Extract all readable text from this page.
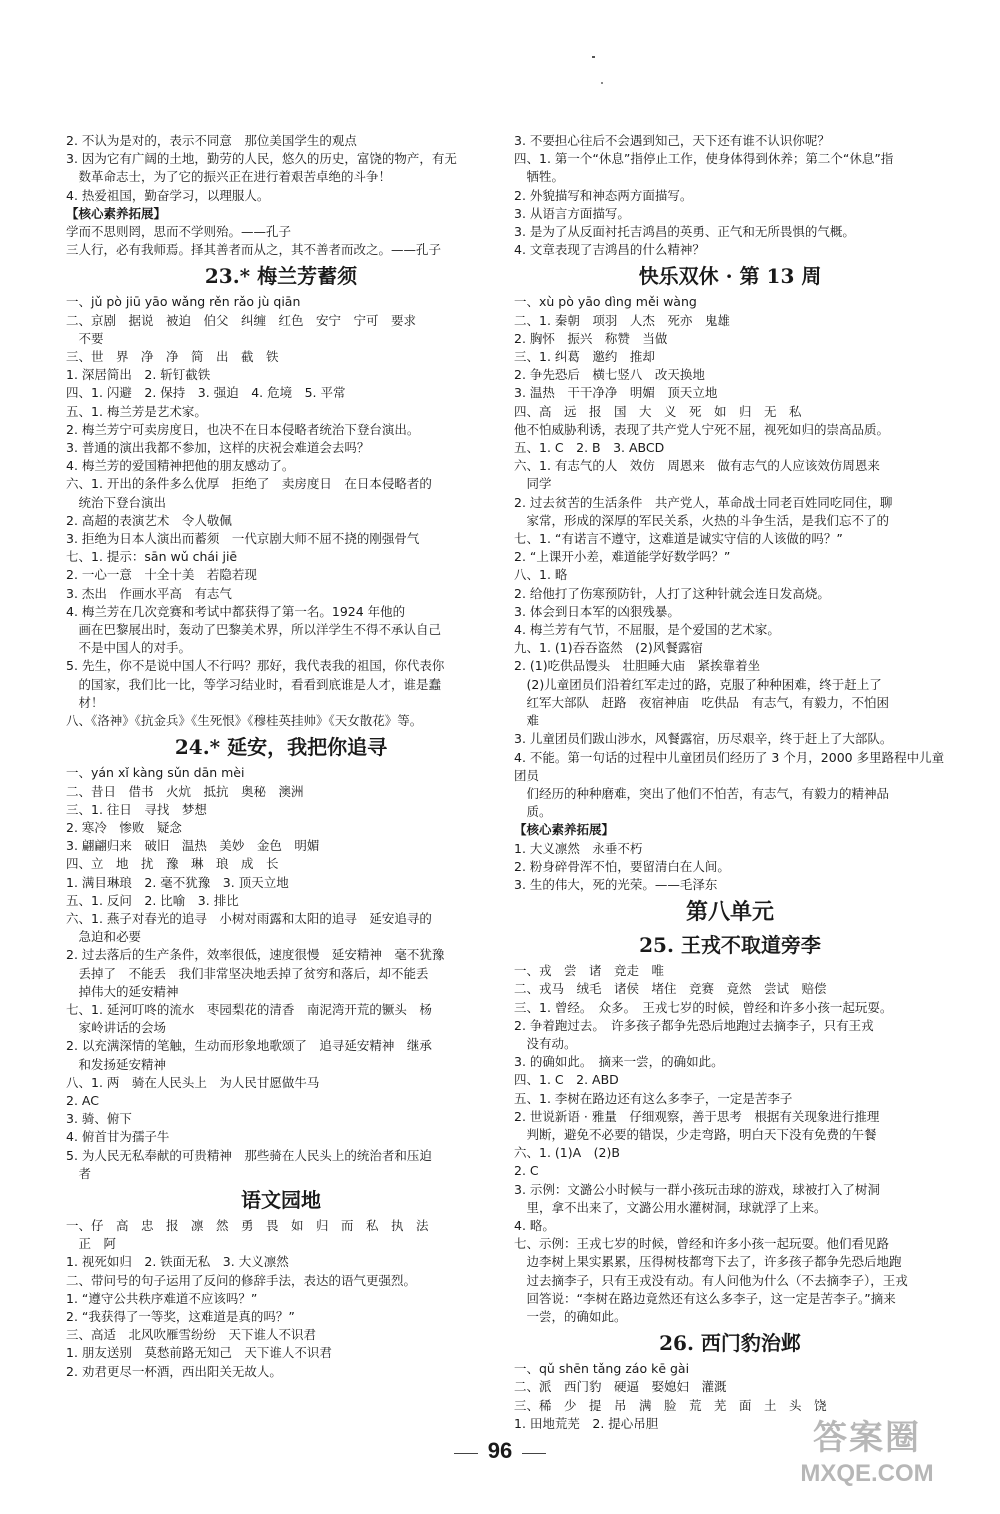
2. 不认为是对的，表示不同意　那位美国学生的观点
3. 因为它有广阔的土地，勤劳的人民，悠久的历史，富饶的物产，有无
　数革命志士，为了它的振兴正在进行着艰苦卓绝的斗争！
4. 热爱祖国，勤奋学习，以理服人。
【核心素养拓展】
学而不思则罔，思而不学则殆。——孔子
三人行，必有我师焉。择其善者而从之，其不善者而改之。——孔子
23.* 梅兰芳蓄须
一、jǔ pò jiū yāo wǎng rěn rǎo jù qiān
二、京剧　据说　被迫　伯父　纠缠　红色　安宁　宁可　要求
　不要
三、世　界　净　净　简　出　截　铁
1. 深居简出　2. 斩钉截铁
四、1. 闪避　2. 保持　3. 强迫　4. 危境　5. 平常
五、1. 梅兰芳是艺术家。
2. 梅兰芳宁可卖房度日，也决不在日本侵略者统治下登台演出。
3. 普通的演出我都不参加，这样的庆祝会难道会去吗？
4. 梅兰芳的爱国精神把他的朋友感动了。
六、1. 开出的条件多么优厚　拒绝了　卖房度日　在日本侵略者的
　统治下登台演出
2. 高超的表演艺术　令人敬佩
3. 拒绝为日本人演出而蓄须　一代京剧大师不屈不挠的刚强骨气
七、1. 提示：sān wǔ chái jiē
2. 一心一意　十全十美　若隐若现
3. 杰出　作画水平高　有志气
4. 梅兰芳在几次竞赛和考试中都获得了第一名。1924 年他的
　画在巴黎展出时，轰动了巴黎美术界，所以洋学生不得不承认自己
　不是中国人的对手。
5. 先生，你不是说中国人不行吗？那好，我代表我的祖国，你代表你
　的国家，我们比一比，等学习结业时，看看到底谁是人才，谁是蠢
　材！
八、《洛神》《抗金兵》《生死恨》《穆桂英挂帅》《天女散花》等。
24.* 延安，我把你追寻
一、yán xǐ kàng sǔn dān mèi
二、昔日　借书　火炕　抵抗　奥秘　澳洲
三、1. 往日　寻找　梦想
2. 寒冷　惨败　疑念
3. 翩翩归来　破旧　温热　美妙　金色　明媚
四、立　地　扰　豫　琳　琅　成　长
1. 满目琳琅　2. 毫不犹豫　3. 顶天立地
五、1. 反问　2. 比喻　3. 排比
六、1. 燕子对春光的追寻　小树对雨露和太阳的追寻　延安追寻的
　急迫和必要
2. 过去落后的生产条件，效率很低，速度很慢　延安精神　毫不犹豫
　丢掉了　不能丢　我们非常坚决地丢掉了贫穷和落后，却不能丢
　掉伟大的延安精神
七、1. 延河叮咚的流水　枣园梨花的清香　南泥湾开荒的镢头　杨
　家岭讲话的会场
2. 以充满深情的笔触，生动而形象地歌颂了　追寻延安精神　继承
　和发扬延安精神
八、1. 两　骑在人民头上　为人民甘愿做牛马
2. AC
3. 骑、俯下
4. 俯首甘为孺子牛
5. 为人民无私奉献的可贵精神　那些骑在人民头上的统治者和压迫
　者
语文园地
一、仔　高　忠　报　凛　然　勇　畏　如　归　而　私　执　法
　正　阿
1. 视死如归　2. 铁面无私　3. 大义凛然
二、带问号的句子运用了反问的修辞手法，表达的语气更强烈。
1. “遵守公共秩序难道不应该吗？”
2. “我获得了一等奖，这难道是真的吗？”
三、高适　北风吹雁雪纷纷　天下谁人不识君
1. 朋友送别　莫愁前路无知己　天下谁人不识君
2. 劝君更尽一杯酒，西出阳关无故人。
3. 不要担心往后不会遇到知己，天下还有谁不认识你呢？
四、1. 第一个“休息”指停止工作，使身体得到休养；第二个“休息”指
　牺牲。
2. 外貌描写和神态两方面描写。
3. 从语言方面描写。
3. 是为了从反面衬托吉鸿昌的英勇、正气和无所畏惧的气概。
4. 文章表现了吉鸿昌的什么精神？
快乐双休 · 第 13 周
一、xù pò yāo dìng měi wàng
二、1. 秦朝　项羽　人杰　死亦　鬼雄
2. 胸怀　振兴　称赞　当做
三、1. 纠葛　邀约　推却
2. 争先恐后　横七竖八　改天换地
3. 温热　干干净净　明媚　顶天立地
四、高　远　报　国　大　义　死　如　归　无　私
他不怕威胁利诱，表现了共产党人宁死不屈，视死如归的崇高品质。
五、1. C　2. B　3. ABCD
六、1. 有志气的人　效仿　周恩来　做有志气的人应该效仿周恩来
　同学
2. 过去贫苦的生活条件　共产党人，革命战士同老百姓同吃同住，聊
　家常，形成的深厚的军民关系，火热的斗争生活，是我们忘不了的
七、1. “有诺言不遵守，这难道是诚实守信的人该做的吗？”
2. “上课开小差，难道能学好数学吗？”
八、1. 略
2. 给他打了伤寒预防针，人打了这种针就会连日发高烧。
3. 体会到日本军的凶狠残暴。
4. 梅兰芳有气节，不屈服，是个爱国的艺术家。
九、1. (1)吞吞盗然　(2)风餐露宿
2. (1)吃供品馒头　壮胆睡大庙　紧挨靠着坐
　(2)儿童团员们沿着红军走过的路，克服了种种困难，终于赶上了
　红军大部队　赶路　夜宿神庙　吃供品　有志气，有毅力，不怕困
　难
3. 儿童团员们跋山涉水，风餐露宿，历尽艰辛，终于赶上了大部队。
4. 不能。第一句话的过程中儿童团员们经历了 3 个月，2000 多里路程中儿童团员
　们经历的种种磨难，突出了他们不怕苦，有志气，有毅力的精神品
　质。
【核心素养拓展】
1. 大义凛然　永垂不朽
2. 粉身碎骨浑不怕，要留清白在人间。
3. 生的伟大，死的光荣。——毛泽东
第八单元
25. 王戎不取道旁李
一、戎　尝　诸　竞走　唯
二、戎马　绒毛　诸侯　堵住　竞赛　竟然　尝试　赔偿
三、1. 曾经。　众多。　王戎七岁的时候，曾经和许多小孩一起玩耍。
2. 争着跑过去。　许多孩子都争先恐后地跑过去摘李子，只有王戎
　没有动。
3. 的确如此。　摘来一尝，的确如此。
四、1. C　2. ABD
五、1. 李树在路边还有这么多李子，一定是苦李子
2. 世说新语 · 雅量　仔细观察，善于思考　根据有关现象进行推理
　判断，避免不必要的错误，少走弯路，明白天下没有免费的午餐
六、1. (1)A　(2)B
2. C
3. 示例：文潞公小时候与一群小孩玩击球的游戏，球被打入了树洞
　里，拿不出来了，文潞公用水灌树洞，球就浮了上来。
4. 略。
七、示例：王戎七岁的时候，曾经和许多小孩一起玩耍。他们看见路
　边李树上果实累累，压得树枝都弯下去了，许多孩子都争先恐后地跑
　过去摘李子，只有王戎没有动。有人问他为什么（不去摘李子），王戎
　回答说：“李树在路边竟然还有这么多李子，这一定是苦李子。”摘来
　一尝，的确如此。
26. 西门豹治邺
一、qǔ shēn tǎng záo kē gài
二、派　西门豹　硬逼　娶媳妇　灌溉
三、稀　少　提　吊　满　脸　荒　芜　面　土　头　饶
1. 田地荒芜　2. 提心吊胆
96	答案圈
MXQE.COM
